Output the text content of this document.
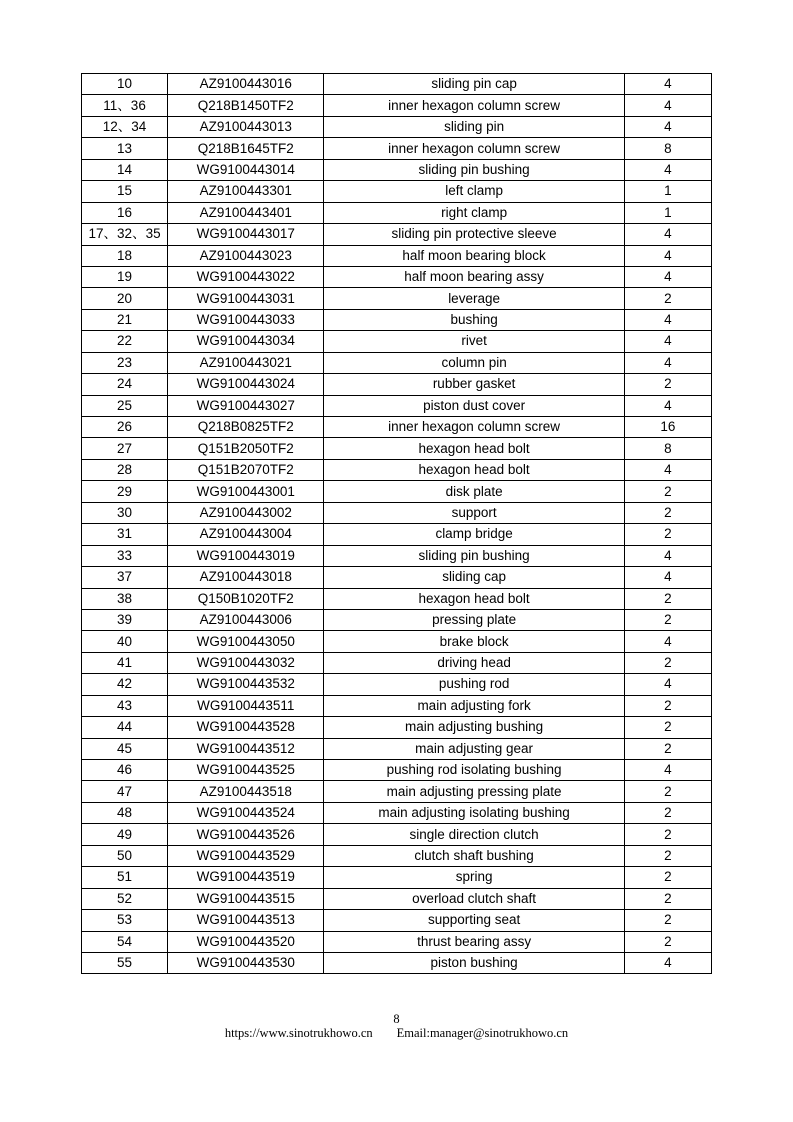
10	AZ9100443016	sliding pin cap	4
11、36	Q218B1450TF2	inner hexagon column screw	4
12、34	AZ9100443013	sliding pin	4
13	Q218B1645TF2	inner hexagon column screw	8
14	WG9100443014	sliding pin bushing	4
15	AZ9100443301	left clamp	1
16	AZ9100443401	right clamp	1
17、32、35	WG9100443017	sliding pin protective sleeve	4
18	AZ9100443023	half moon bearing block	4
19	WG9100443022	half moon bearing assy	4
20	WG9100443031	leverage	2
21	WG9100443033	bushing	4
22	WG9100443034	rivet	4
23	AZ9100443021	column pin	4
24	WG9100443024	rubber gasket	2
25	WG9100443027	piston dust cover	4
26	Q218B0825TF2	inner hexagon column screw	16
27	Q151B2050TF2	hexagon head bolt	8
28	Q151B2070TF2	hexagon head bolt	4
29	WG9100443001	disk plate	2
30	AZ9100443002	support	2
31	AZ9100443004	clamp bridge	2
33	WG9100443019	sliding pin bushing	4
37	AZ9100443018	sliding cap	4
38	Q150B1020TF2	hexagon head bolt	2
39	AZ9100443006	pressing plate	2
40	WG9100443050	brake block	4
41	WG9100443032	driving head	2
42	WG9100443532	pushing rod	4
43	WG9100443511	main adjusting fork	2
44	WG9100443528	main adjusting bushing	2
45	WG9100443512	main adjusting gear	2
46	WG9100443525	pushing rod isolating bushing	4
47	AZ9100443518	main adjusting pressing plate	2
48	WG9100443524	main adjusting isolating bushing	2
49	WG9100443526	single direction clutch	2
50	WG9100443529	clutch shaft bushing	2
51	WG9100443519	spring	2
52	WG9100443515	overload clutch shaft	2
53	WG9100443513	supporting seat	2
54	WG9100443520	thrust bearing assy	2
55	WG9100443530	piston bushing	4
8
https://www.sinotrukhowo.cn Email:manager@sinotrukhowo.cn
